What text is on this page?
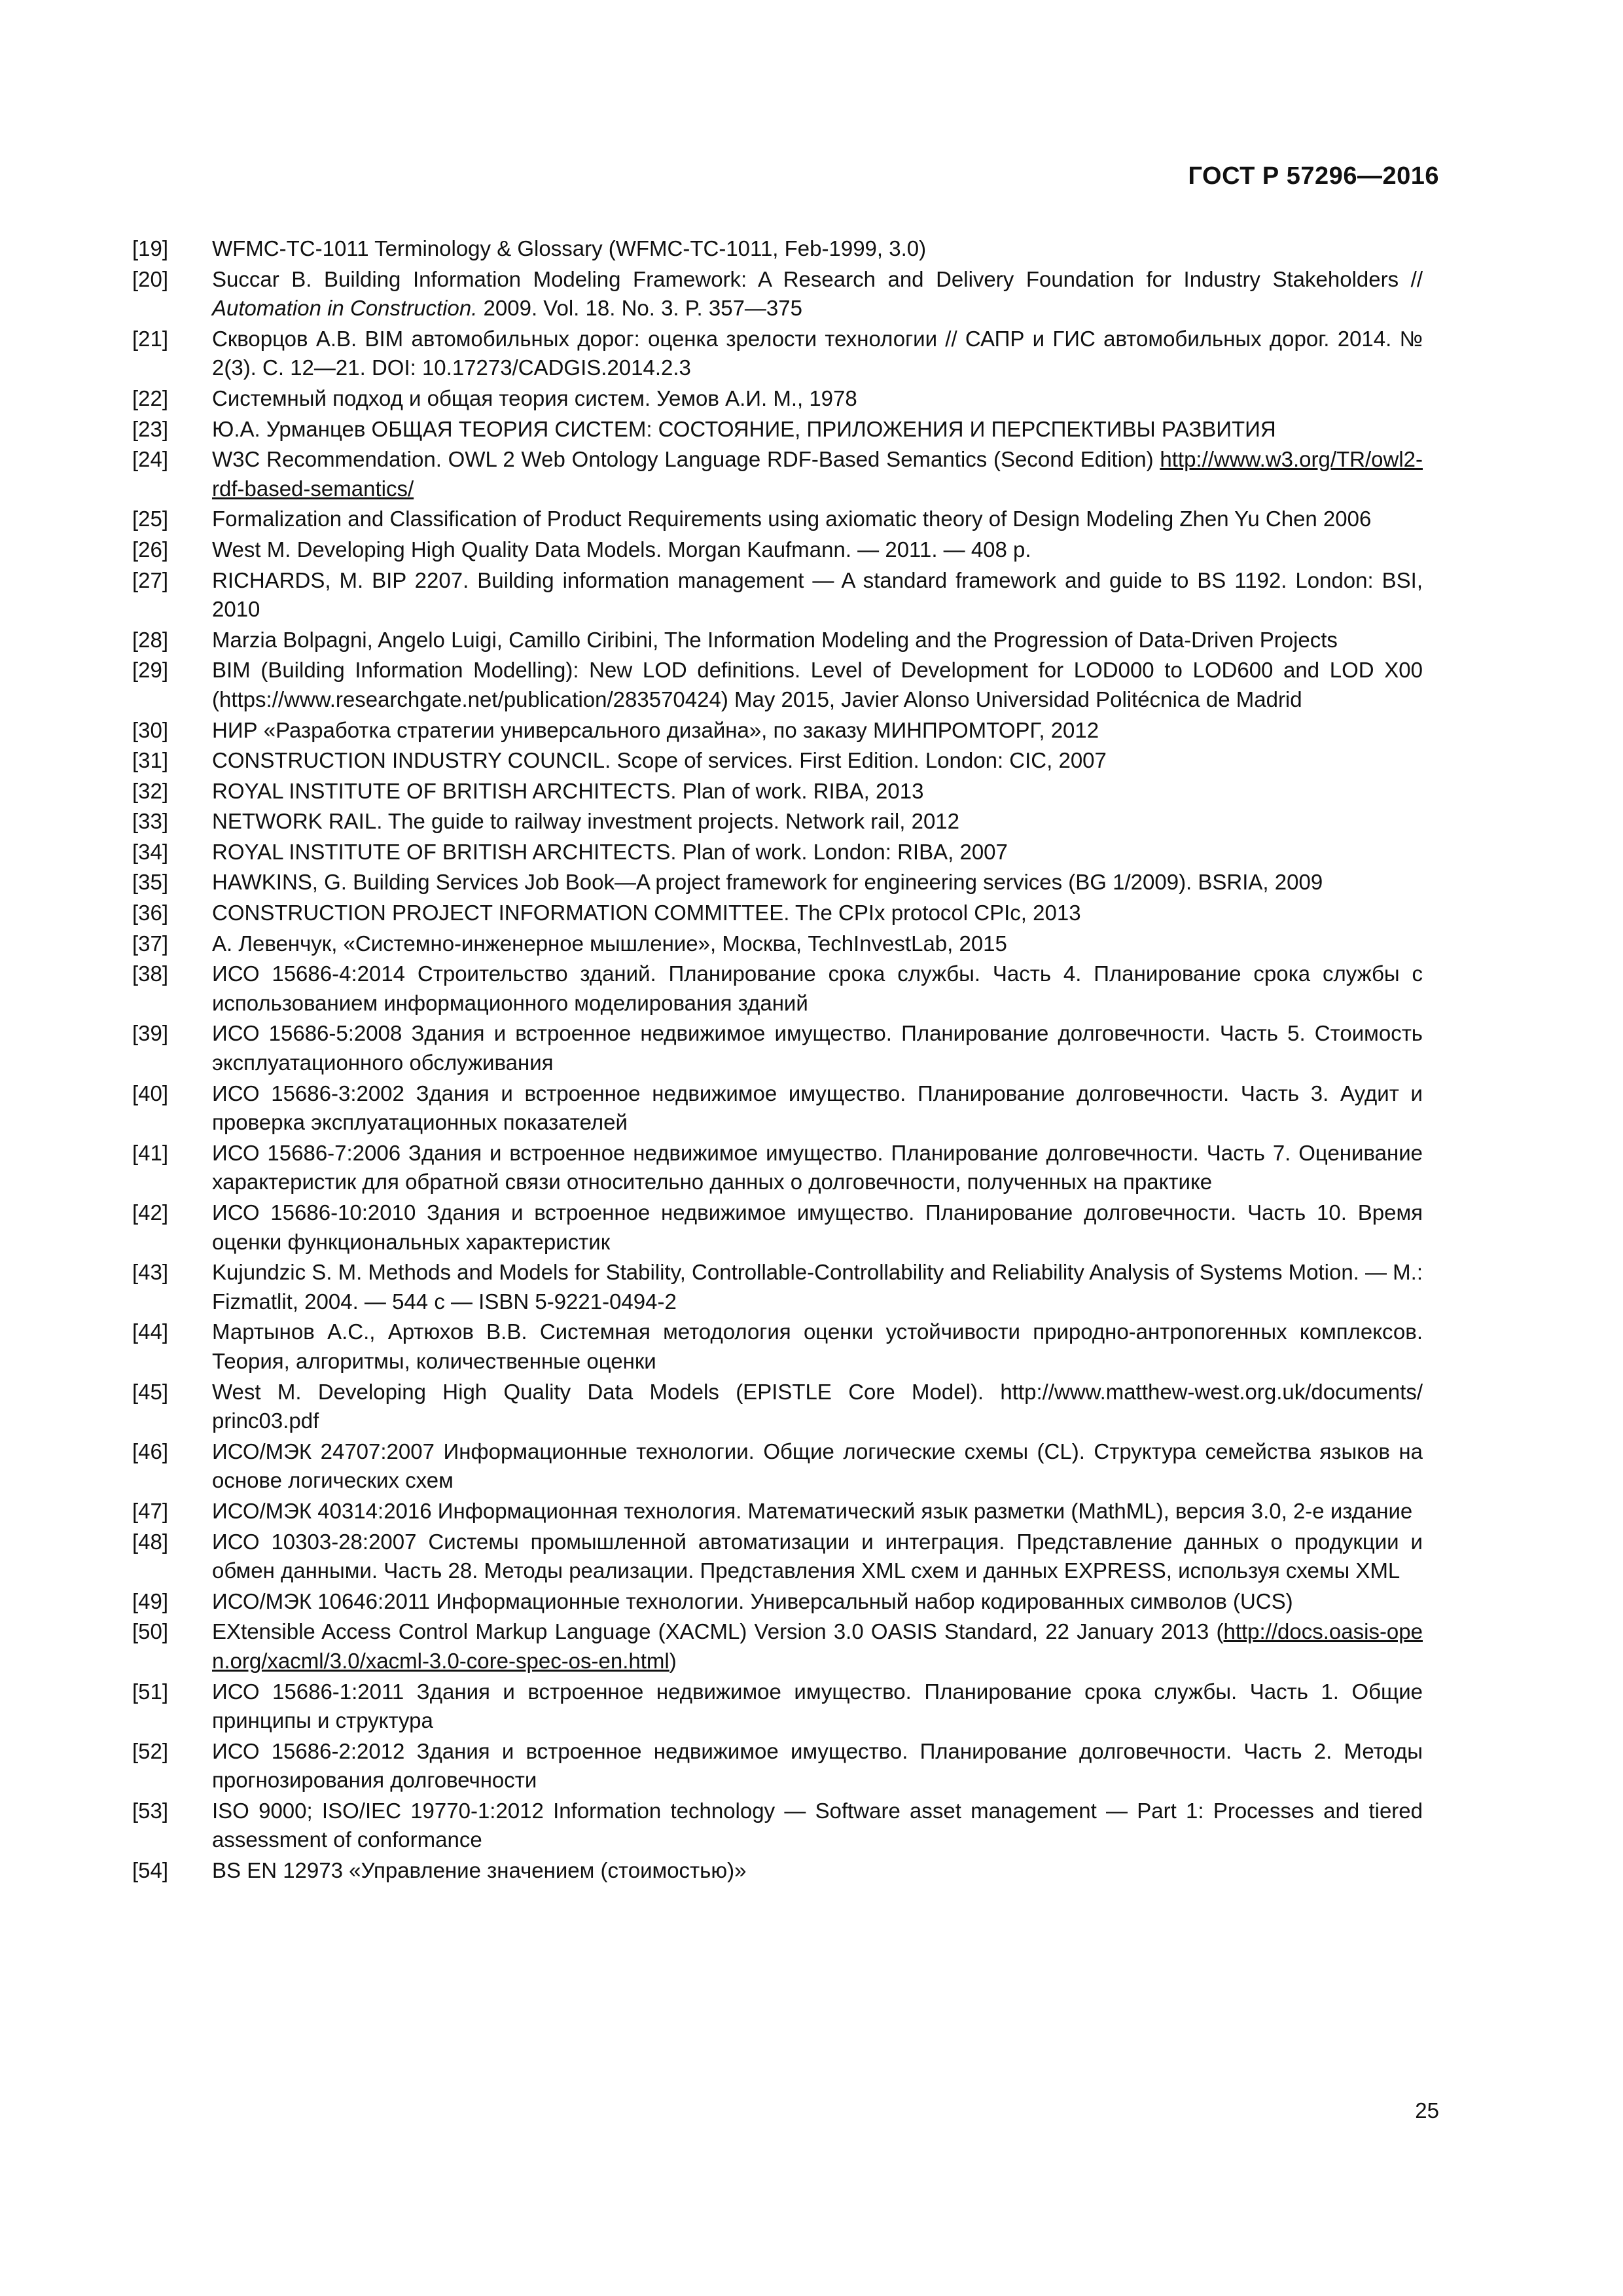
ГОСТ Р 57296—2016
[19]	WFMC-TC-1011 Terminology & Glossary (WFMC-TC-1011, Feb-1999, 3.0)
[20]	Succar B. Building Information Modeling Framework: A Research and Delivery Foundation for Industry Stakeholders // Automation in Construction. 2009. Vol. 18. No. 3. P. 357—375
[21]	Скворцов А.В. BIM автомобильных дорог: оценка зрелости технологии // САПР и ГИС автомобильных дорог. 2014. № 2(3). С. 12—21. DOI: 10.17273/CADGIS.2014.2.3
[22]	Системный подход и общая теория систем. Уемов А.И. М., 1978
[23]	Ю.А. Урманцев ОБЩАЯ ТЕОРИЯ СИСТЕМ: СОСТОЯНИЕ, ПРИЛОЖЕНИЯ И ПЕРСПЕКТИВЫ РАЗВИТИЯ
[24]	W3C Recommendation. OWL 2 Web Ontology Language RDF-Based Semantics (Second Edition) http://www.w3.org/TR/owl2-rdf-based-semantics/
[25]	Formalization and Classification of Product Requirements using axiomatic theory of Design Modeling Zhen Yu Chen 2006
[26]	West M. Developing High Quality Data Models. Morgan Kaufmann. — 2011. — 408 p.
[27]	RICHARDS, M. BIP 2207. Building information management — A standard framework and guide to BS 1192. London: BSI, 2010
[28]	Marzia Bolpagni, Angelo Luigi, Camillo Ciribini, The Information Modeling and the Progression of Data-Driven Projects
[29]	BIM (Building Information Modelling): New LOD definitions. Level of Development for LOD000 to LOD600 and LOD X00 (https://www.researchgate.net/publication/283570424) May 2015, Javier Alonso Universidad Politécnica de Madrid
[30]	НИР «Разработка стратегии универсального дизайна», по заказу МИНПРОМТОРГ, 2012
[31]	CONSTRUCTION INDUSTRY COUNCIL. Scope of services. First Edition. London: CIC, 2007
[32]	ROYAL INSTITUTE OF BRITISH ARCHITECTS. Plan of work. RIBA, 2013
[33]	NETWORK RAIL. The guide to railway investment projects. Network rail, 2012
[34]	ROYAL INSTITUTE OF BRITISH ARCHITECTS. Plan of work. London: RIBA, 2007
[35]	HAWKINS, G. Building Services Job Book—A project framework for engineering services (BG 1/2009). BSRIA, 2009
[36]	CONSTRUCTION PROJECT INFORMATION COMMITTEE. The CPIx protocol CPIc, 2013
[37]	А. Левенчук, «Системно-инженерное мышление», Москва, TechInvestLab, 2015
[38]	ИСО 15686-4:2014 Строительство зданий. Планирование срока службы. Часть 4. Планирование срока службы с использованием информационного моделирования зданий
[39]	ИСО 15686-5:2008 Здания и встроенное недвижимое имущество. Планирование долговечности. Часть 5. Стоимость эксплуатационного обслуживания
[40]	ИСО 15686-3:2002 Здания и встроенное недвижимое имущество. Планирование долговечности. Часть 3. Аудит и проверка эксплуатационных показателей
[41]	ИСО 15686-7:2006 Здания и встроенное недвижимое имущество. Планирование долговечности. Часть 7. Оценивание характеристик для обратной связи относительно данных о долговечности, полученных на практике
[42]	ИСО 15686-10:2010 Здания и встроенное недвижимое имущество. Планирование долговечности. Часть 10. Время оценки функциональных характеристик
[43]	Kujundzic S. M. Methods and Models for Stability, Controllable-Controllability and Reliability Analysis of Systems Motion. — M.: Fizmatlit, 2004. — 544 с — ISBN 5-9221-0494-2
[44]	Мартынов А.С., Артюхов В.В. Системная методология оценки устойчивости природно-антропогенных комплексов. Теория, алгоритмы, количественные оценки
[45]	West M. Developing High Quality Data Models (EPISTLE Core Model). http://www.matthew-west.org.uk/documents/ princ03.pdf
[46]	ИСО/МЭК 24707:2007 Информационные технологии. Общие логические схемы (CL). Структура семейства языков на основе логических схем
[47]	ИСО/МЭК 40314:2016 Информационная технология. Математический язык разметки (MathML), версия 3.0, 2-е издание
[48]	ИСО 10303-28:2007 Системы промышленной автоматизации и интеграция. Представление данных о продукции и обмен данными. Часть 28. Методы реализации. Представления XML схем и данных EXPRESS, используя схемы XML
[49]	ИСО/МЭК 10646:2011 Информационные технологии. Универсальный набор кодированных символов (UCS)
[50]	EXtensible Access Control Markup Language (XACML) Version 3.0 OASIS Standard, 22 January 2013 (http://docs.oasis-open.org/xacml/3.0/xacml-3.0-core-spec-os-en.html)
[51]	ИСО 15686-1:2011 Здания и встроенное недвижимое имущество. Планирование срока службы. Часть 1. Общие принципы и структура
[52]	ИСО 15686-2:2012 Здания и встроенное недвижимое имущество. Планирование долговечности. Часть 2. Методы прогнозирования долговечности
[53]	ISO 9000; ISO/IEC 19770-1:2012 Information technology — Software asset management — Part 1: Processes and tiered assessment of conformance
[54]	BS EN 12973 «Управление значением (стоимостью)»
25
